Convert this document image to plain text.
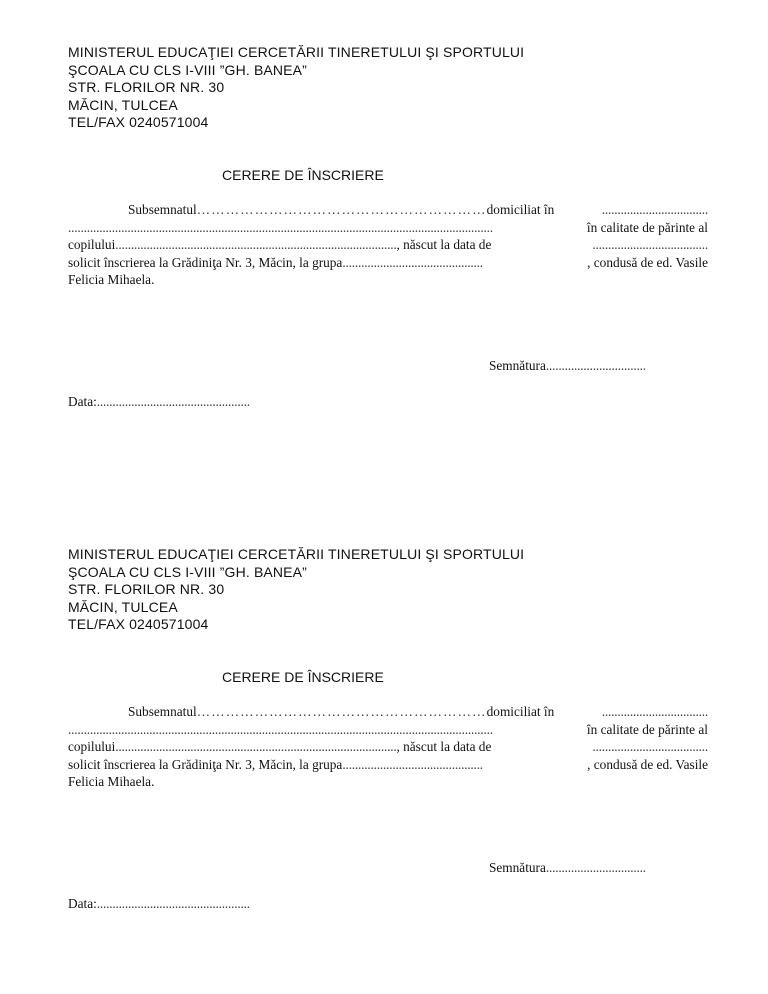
MINISTERUL EDUCAŢIEI CERCETĂRII TINERETULUI ŞI SPORTULUI
ŞCOALA CU CLS I-VIII ”GH. BANEA”
STR. FLORILOR NR. 30
MĂCIN, TULCEA
TEL/FAX 0240571004
CERERE DE ÎNSCRIERE
Subsemnatul……………………………………………………domiciliat în	..................................
........................................................................................................................................	în calitate de părinte al
copilului.........................................................................................., născut la data de	.....................................
solicit înscrierea la Grădiniţa Nr. 3, Măcin, la grupa.............................................	, condusă de ed. Vasile
Felicia Mihaela.
Semnătura................................
Data:.................................................
MINISTERUL EDUCAŢIEI CERCETĂRII TINERETULUI ŞI SPORTULUI
ŞCOALA CU CLS I-VIII ”GH. BANEA”
STR. FLORILOR NR. 30
MĂCIN, TULCEA
TEL/FAX 0240571004
CERERE DE ÎNSCRIERE
Subsemnatul……………………………………………………domiciliat în	..................................
........................................................................................................................................	în calitate de părinte al
copilului.........................................................................................., născut la data de	.....................................
solicit înscrierea la Grădiniţa Nr. 3, Măcin, la grupa.............................................	, condusă de ed. Vasile
Felicia Mihaela.
Semnătura................................
Data:.................................................
